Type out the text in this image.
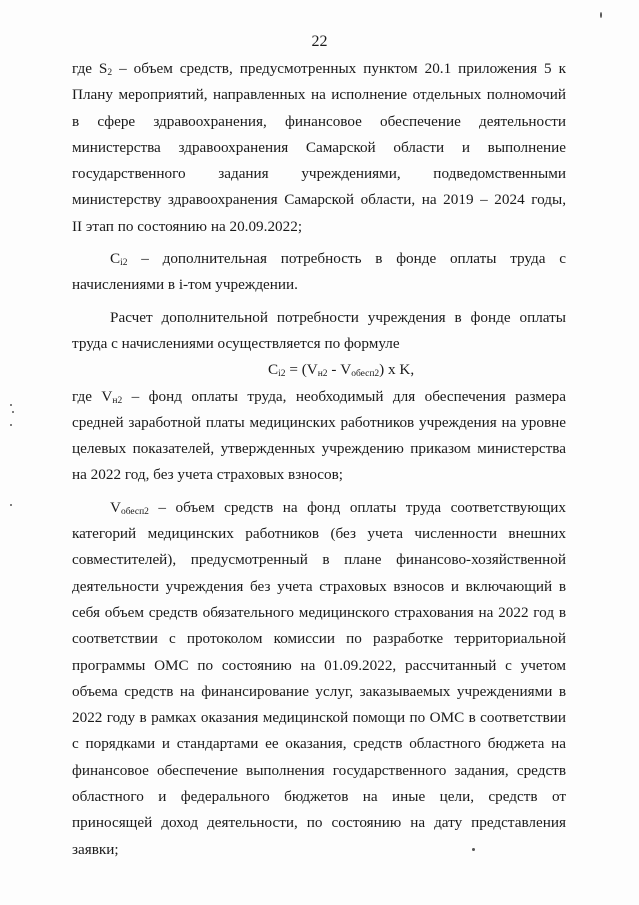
22
где $S_2$ – объем средств, предусмотренных пунктом 20.1 приложения 5 к
Плану мероприятий, направленных на исполнение отдельных полномочий
в сфере здравоохранения, финансовое обеспечение деятельности
министерства здравоохранения Самарской области и выполнение
государственного задания учреждениями, подведомственными
министерству здравоохранения Самарской области, на 2019 – 2024 годы,
II этап по состоянию на 20.09.2022;
$C_{i2}$ – дополнительная потребность в фонде оплаты труда с
начислениями в i-том учреждении.
Расчет дополнительной потребности учреждения в фонде оплаты
труда с начислениями осуществляется по формуле

$C_{i2} = (V_{н2} - V_{обесп2})$ x K,

где $V_{н2}$ – фонд оплаты труда, необходимый для обеспечения размера
средней заработной платы медицинских работников учреждения на уровне
целевых показателей, утвержденных учреждению приказом министерства
на 2022 год, без учета страховых взносов;
$V_{обесп2}$ – объем средств на фонд оплаты труда соответствующих
категорий медицинских работников (без учета численности внешних
совместителей), предусмотренный в плане финансово-хозяйственной
деятельности учреждения без учета страховых взносов и включающий в
себя объем средств обязательного медицинского страхования на 2022 год в
соответствии с протоколом комиссии по разработке территориальной
программы ОМС по состоянию на 01.09.2022, рассчитанный с учетом
объема средств на финансирование услуг, заказываемых учреждениями в
2022 году в рамках оказания медицинской помощи по ОМС в соответствии
с порядками и стандартами ее оказания, средств областного бюджета на
финансовое обеспечение выполнения государственного задания, средств
областного и федерального бюджетов на иные цели, средств от
приносящей доход деятельности, по состоянию на дату представления
заявки;
